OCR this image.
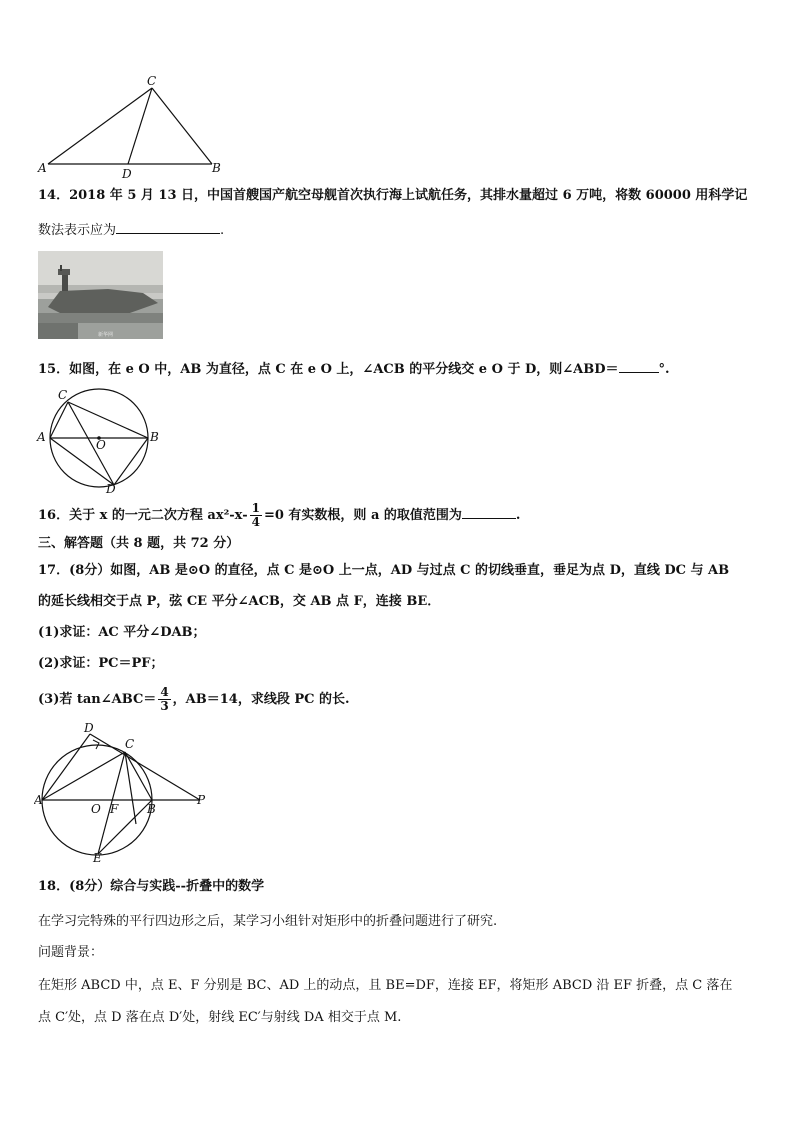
A	B
C
D
14．2018 年 5 月 13 日，中国首艘国产航空母舰首次执行海上试航任务，其排水量超过 6 万吨，将数 60000 用科学记
数法表示应为	.
新华网
15．如图，在 e O 中，AB 为直径，点 C 在 e O 上，∠ACB 的平分线交 e O 于 D，则∠ABD＝	°.
A	B
C
D
O
16．关于 x 的一元二次方程 $ax^2-x- \frac{1}{4} =0$ 有实数根，则 a 的取值范围为	.
三、解答题（共 8 题，共 72 分）
17．(8分）如图，AB 是⊙O 的直径，点 C 是⊙O 上一点，AD 与过点 C 的切线垂直，垂足为点 D，直线 DC 与 AB
的延长线相交于点 P，弦 CE 平分∠ACB，交 AB 点 F，连接 BE．
(1)求证：AC 平分∠DAB；
(2)求证：PC＝PF；
(3)若 tan∠ABC＝ $\frac{4}{3}$ ，AB＝14，求线段 PC 的长.
A
B
C
D
E
F
O
P
18．(8分）综合与实践--折叠中的数学
在学习完特殊的平行四边形之后，某学习小组针对矩形中的折叠问题进行了研究.
问题背景：
在矩形 ABCD 中，点 E、F 分别是 BC、AD 上的动点，且 BE=DF，连接 EF，将矩形 ABCD 沿 EF 折叠，点 C 落在
点 C′处，点 D 落在点 D′处，射线 EC′与射线 DA 相交于点 M.
